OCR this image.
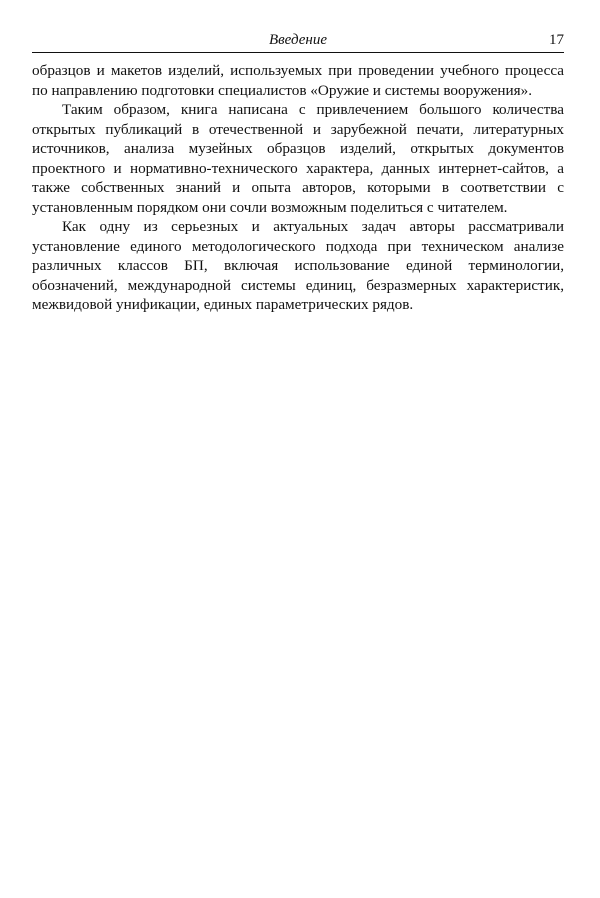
Введение	17

образцов и макетов изделий, используемых при проведении учебного процесса по направлению подготовки специалистов «Оружие и системы вооружения».

Таким образом, книга написана с привлечением большого количества открытых публикаций в отечественной и зарубежной печати, литературных источников, анализа музейных образцов изделий, открытых документов проектного и нормативно-технического характера, данных интернет-сайтов, а также собственных знаний и опыта авторов, которыми в соответствии с установленным порядком они сочли возможным поделиться с читателем.

Как одну из серьезных и актуальных задач авторы рассматривали установление единого методологического подхода при техническом анализе различных классов БП, включая использование единой терминологии, обозначений, международной системы единиц, безразмерных характеристик, межвидовой унификации, единых параметрических рядов.
